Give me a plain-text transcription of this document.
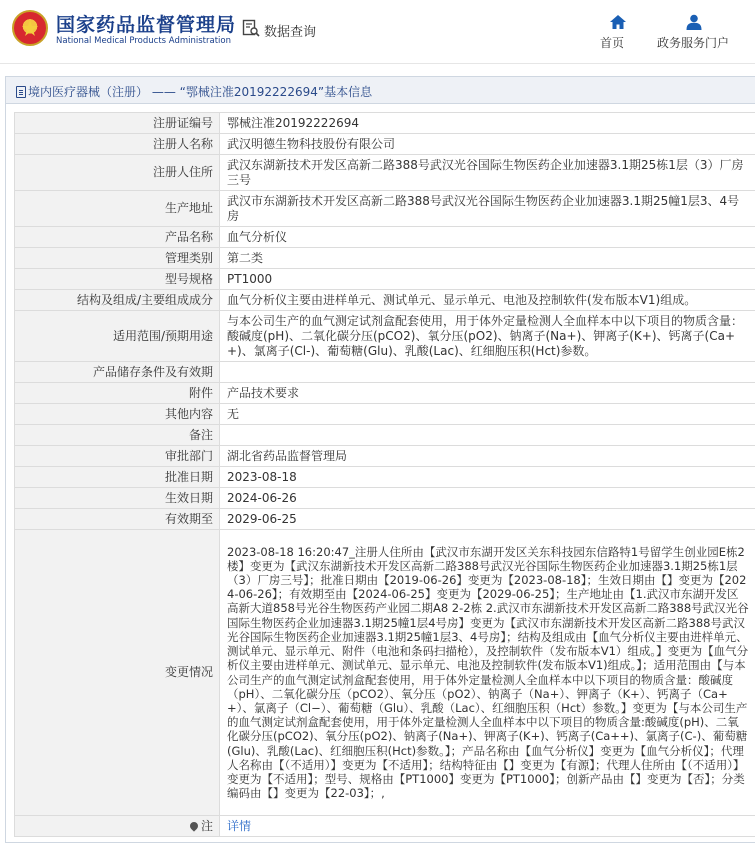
国家药品监督管理局
National Medical Products Administration
数据查询
首页	政务服务门户
境内医疗器械（注册） —— “鄂械注准20192222694”基本信息
注册证编号	鄂械注准20192222694
注册人名称	武汉明德生物科技股份有限公司
注册人住所	武汉东湖新技术开发区高新二路388号武汉光谷国际生物医药企业加速器3.1期25栋1层（3）厂房三号
生产地址	武汉市东湖新技术开发区高新二路388号武汉光谷国际生物医药企业加速器3.1期25幢1层3、4号房
产品名称	血气分析仪
管理类别	第二类
型号规格	PT1000
结构及组成/主要组成成分	血气分析仪主要由进样单元、测试单元、显示单元、电池及控制软件(发布版本V1)组成。
适用范围/预期用途	与本公司生产的血气测定试剂盒配套使用，用于体外定量检测人全血样本中以下项目的物质含量：酸碱度(pH)、二氧化碳分压(pCO2)、氧分压(pO2)、钠离子(Na+)、钾离子(K+)、钙离子(Ca++)、氯离子(Cl-)、葡萄糖(Glu)、乳酸(Lac)、红细胞压积(Hct)参数。
产品储存条件及有效期	
附件	产品技术要求
其他内容	无
备注	
审批部门	湖北省药品监督管理局
批准日期	2023-08-18
生效日期	2024-06-26
有效期至	2029-06-25
变更情况	2023-08-18 16:20:47_注册人住所由【武汉市东湖开发区关东科技园东信路特1号留学生创业园E栋2楼】变更为【武汉东湖新技术开发区高新二路388号武汉光谷国际生物医药企业加速器3.1期25栋1层（3）厂房三号】；批准日期由【2019-06-26】变更为【2023-08-18】；生效日期由【】变更为【2024-06-26】；有效期至由【2024-06-25】变更为【2029-06-25】；生产地址由【1.武汉市东湖开发区高新大道858号光谷生物医药产业园二期A8 2-2栋 2.武汉市东湖新技术开发区高新二路388号武汉光谷国际生物医药企业加速器3.1期25幢1层4号房】变更为【武汉市东湖新技术开发区高新二路388号武汉光谷国际生物医药企业加速器3.1期25幢1层3、4号房】；结构及组成由【血气分析仪主要由进样单元、测试单元、显示单元、附件（电池和条码扫描枪），及控制软件（发布版本V1）组成。】变更为【血气分析仪主要由进样单元、测试单元、显示单元、电池及控制软件(发布版本V1)组成。】；适用范围由【与本公司生产的血气测定试剂盒配套使用，用于体外定量检测人全血样本中以下项目的物质含量：酸碱度（pH）、二氧化碳分压（pCO2）、氧分压（pO2）、钠离子（Na+）、钾离子（K+）、钙离子（Ca++）、氯离子（Cl−）、葡萄糖（Glu）、乳酸（Lac）、红细胞压积（Hct）参数。】变更为【与本公司生产的血气测定试剂盒配套使用，用于体外定量检测人全血样本中以下项目的物质含量:酸碱度(pH)、二氧化碳分压(pCO2)、氧分压(pO2)、钠离子(Na+)、钾离子(K+)、钙离子(Ca++)、氯离子(C-)、葡萄糖(Glu)、乳酸(Lac)、红细胞压积(Hct)参数。】；产品名称由【血气分析仪】变更为【血气分析仪】；代理人名称由【（不适用）】变更为【不适用】；结构特征由【】变更为【有源】；代理人住所由【（不适用）】变更为【不适用】；型号、规格由【PT1000】变更为【PT1000】；创新产品由【】变更为【否】；分类编码由【】变更为【22-03】；,
注	详情
